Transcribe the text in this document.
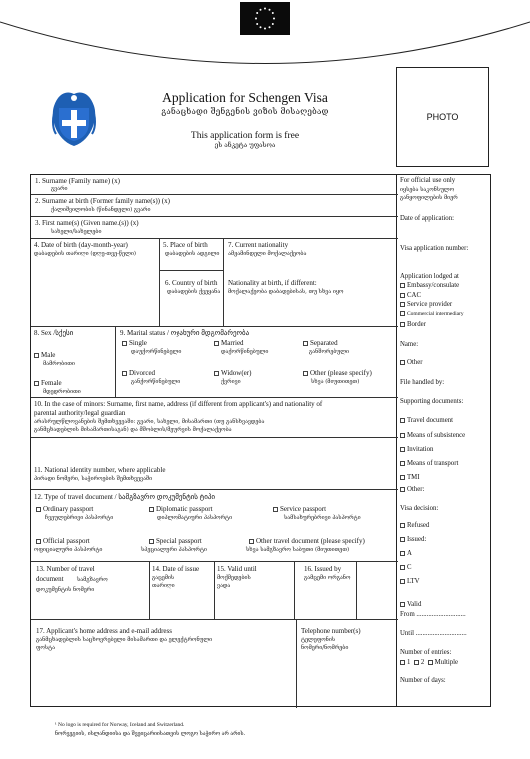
Application for Schengen Visa
განაცხადი შენგენის ვიზის მისაღებად
This application form is free
ეს ანკეტა უფასოა
PHOTO
1. Surname (Family name) (x)
გვარი
2. Surname at birth (Former family name(s)) (x)
ქალიშვილობის (წინანდელი) გვარი
3. First name(s) (Given name.(s)) (x)
სახელი/სახელები
4. Date of birth (day-month-year)
დაბადების თარიღი (დღე-თვე-წელი)
5. Place of birth
დაბადების ადგილი
6. Country of birth
დაბადების ქვეყანა
7. Current nationality
ამჟამინდელი მოქალაქეობა
Nationality at birth, if different:
მოქალაქეობა დაბადებისას, თუ სხვა იყო
8. Sex /სქესი
Male
მამრობითი
Female
მდედრობითი
9. Marital status / ოჯახური მდგომარეობა
Single
დაუქორწინებელი
Married
დაქორწინებული
Separated
განშორებული
Divorced
განქორწინებული
Widow(er)
ქვრივი
Other (please specify)
სხვა (მიუთითეთ)
10. In the case of minors: Surname, first name, address (if different from applicant's) and nationality of
parental authority/legal guardian
არასრულწლოვანების შემთხვევაში: გვარი, სახელი, მისამართი (თუ განსხვავდება
განმცხადებლის მისამართისაგან) და მშობლის/მეურვის მოქალაქეობა
11. National identity number, where applicable
პირადი ნომერი, საჭიროების შემთხვევაში
12. Type of travel document / სამგზავრო დოკუმენტის ტიპი
Ordinary passport
ჩვეულებრივი პასპორტი
Diplomatic passport
დიპლომატიური პასპორტი
Service passport
სამსახურებრივი პასპორტი
Official passport
ოფიციალური პასპორტი
Special passport
სპეციალური პასპორტი
Other travel document (please specify)
სხვა სამგზავრო საბუთი (მიუთითეთ)
13. Number of travel
document სამგზავრო
დოკუმენტის ნომერი
14. Date of issue
გაცემის
თარიღი
15. Valid until
მოქმედების
ვადა
16. Issued by
გამცემი ორგანო
17. Applicant's home address and e-mail address
განმცხადებლის საცხოვრებელი მისამართი და ელექტრონული
ფოსტა
Telephone number(s)
ტელეფონის
ნომერი/ნომრები
For official use only
იყსება საკონსულო
განყოფილების მიერ
Date of application:
Visa application number:
Application lodged at
Embassy/consulate
CAC
Service provider
Commercial intermediary
Border
Name:
Other
File handled by:
Supporting documents:
Travel document
Means of subsistence
Invitation
Means of transport
TMI
Other:
Visa decision:
Refused
Issued:
A
C
LTV
Valid
From .............................
Until ..............................
Number of entries:
1 2 Multiple
Number of days:
¹ No logo is required for Norway, Iceland and Switzerland.
ნორვეგიის, ისლანდიისა და შვეიცარიისათვის ლოგო საჭირო არ არის.
